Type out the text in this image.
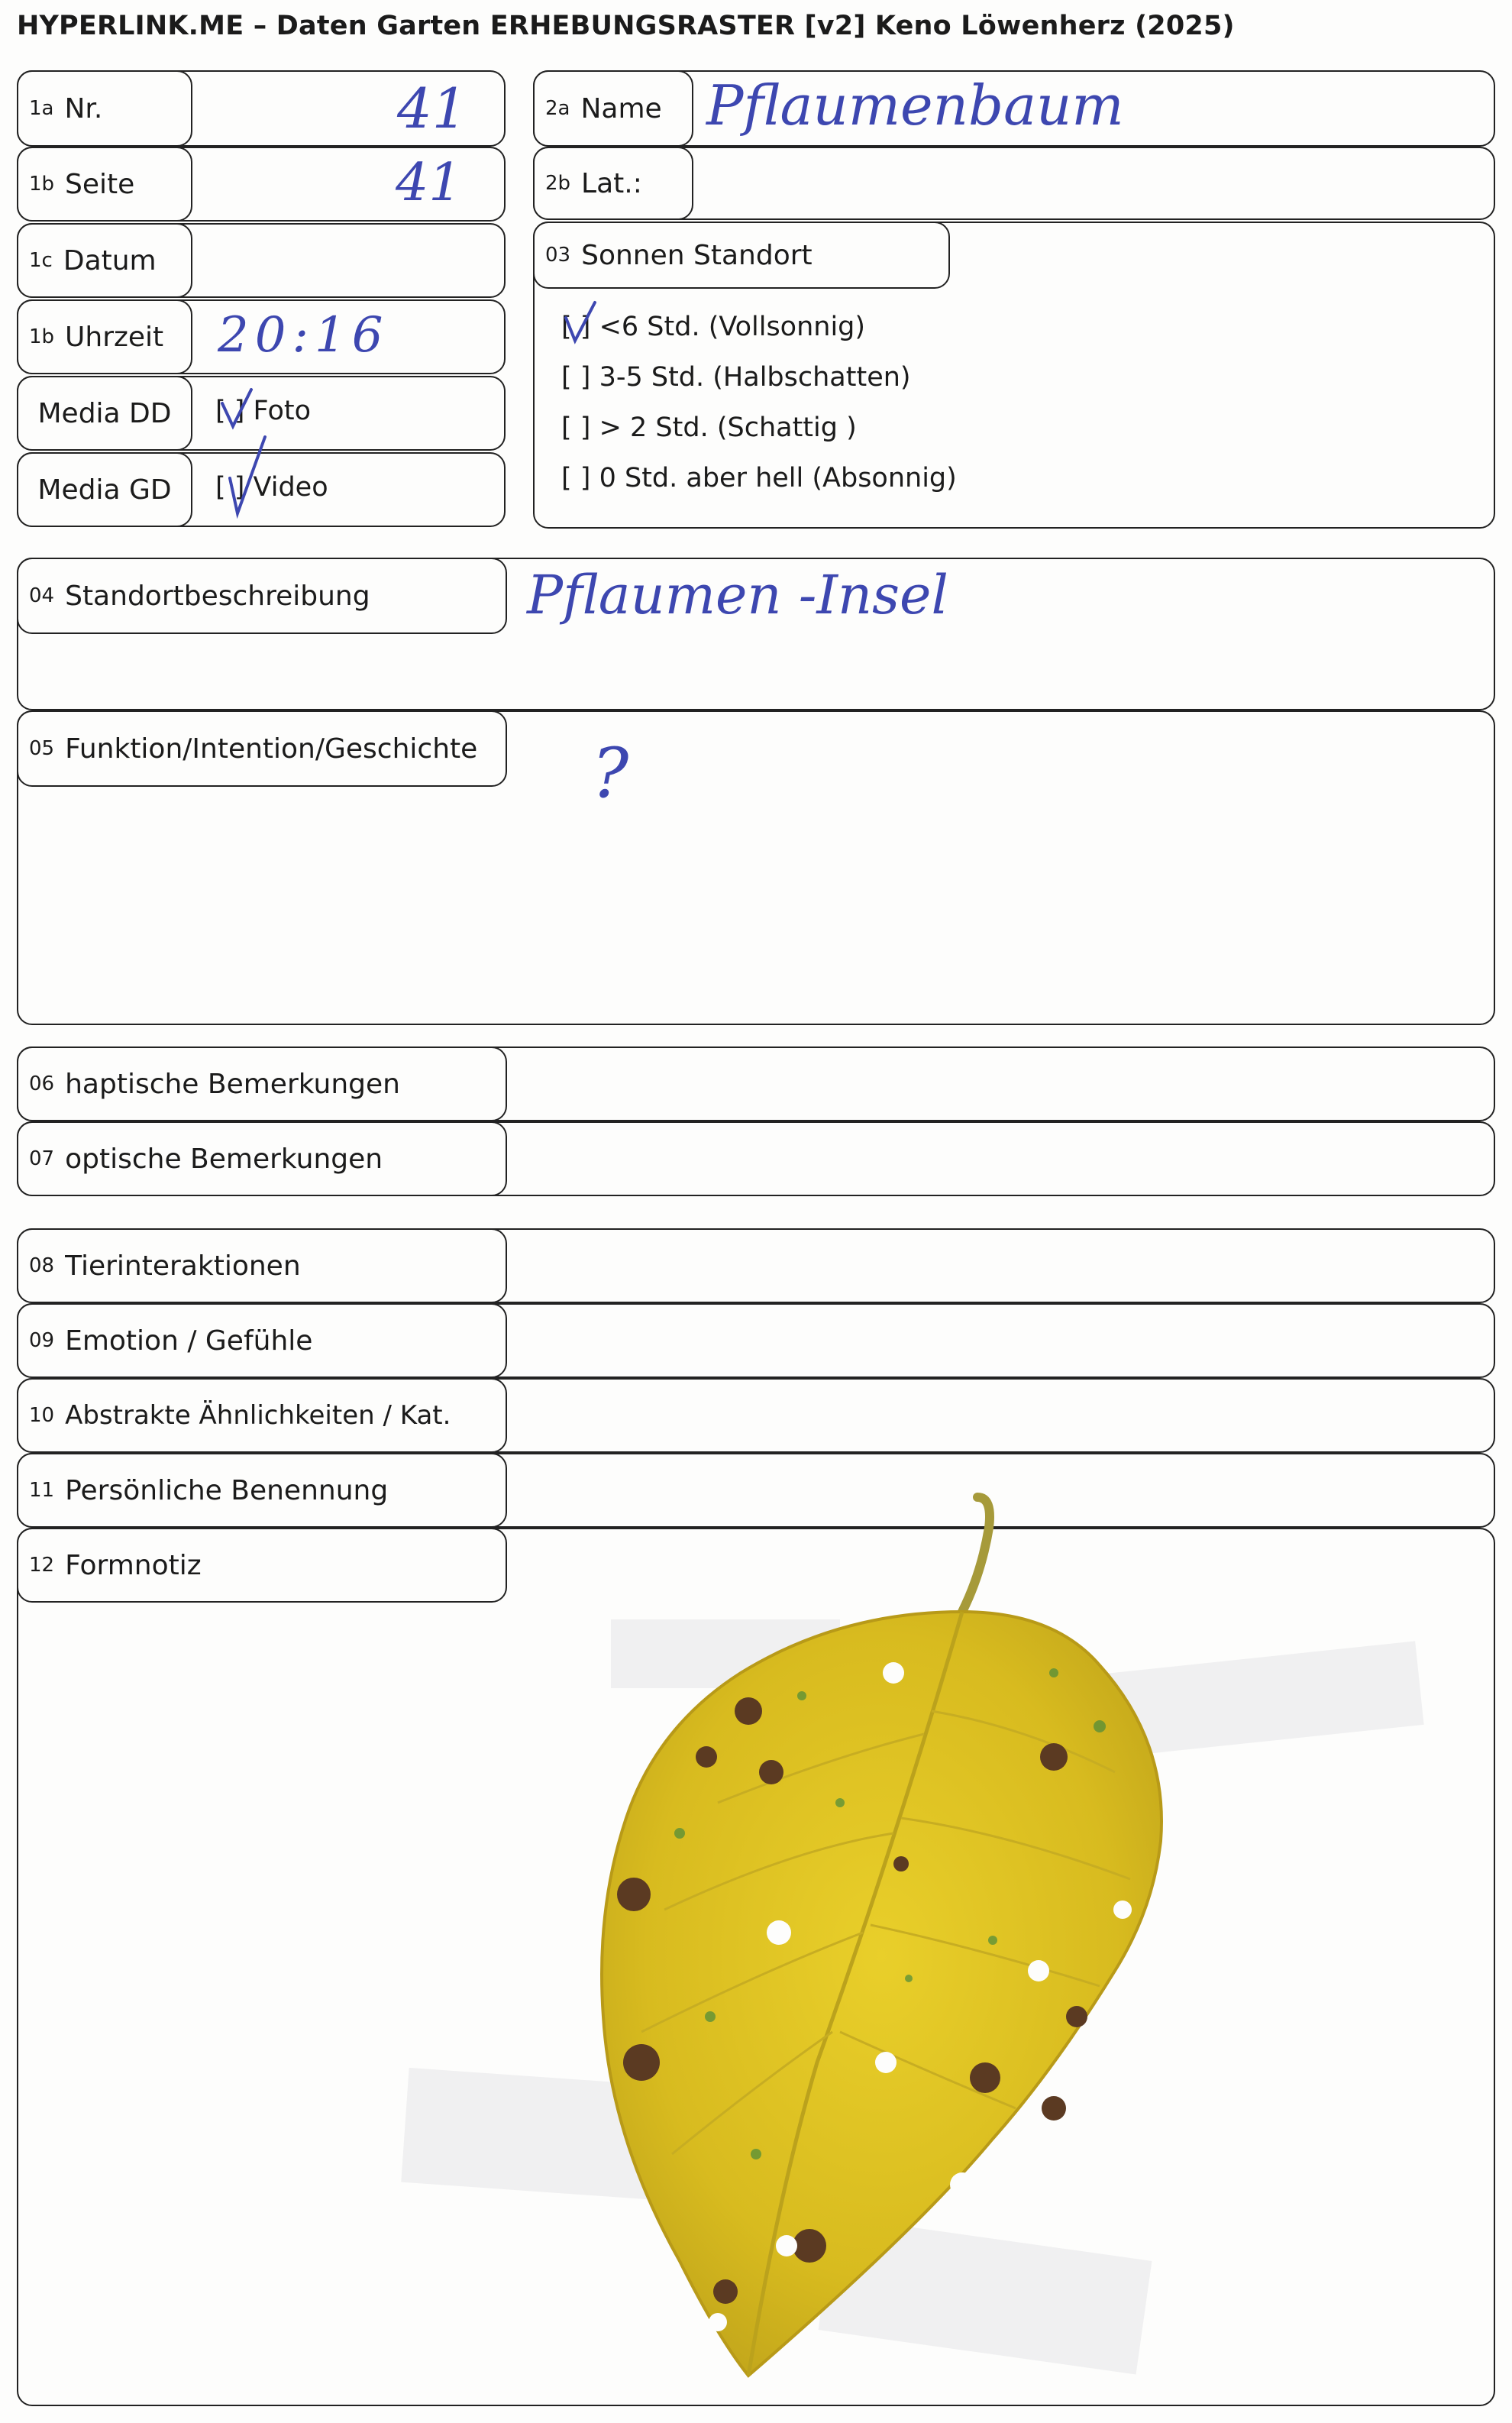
HYPERLINK.ME – Daten Garten ERHEBUNGSRASTER [v2] Keno Löwenherz (2025)
1a Nr.	41
1b Seite	41
1c Datum
1b Uhrzeit 20:16
Media DD [ ] Foto
Media GD [ ] Video
2a Name Pflaumenbaum
2b Lat.:
03 Sonnen Standort
[ ] <6 Std. (Vollsonnig)
[ ] 3-5 Std. (Halbschatten)
[ ] > 2 Std. (Schattig )
[ ] 0 Std. aber hell (Absonnig)
04 Standortbeschreibung	Pflaumen -Insel
05 Funktion/Intention/Geschichte ?
06 haptische Bemerkungen
07 optische Bemerkungen
08 Tierinteraktionen
09 Emotion / Gefühle
10 Abstrakte Ähnlichkeiten / Kat.
11 Persönliche Benennung
12 Formnotiz
